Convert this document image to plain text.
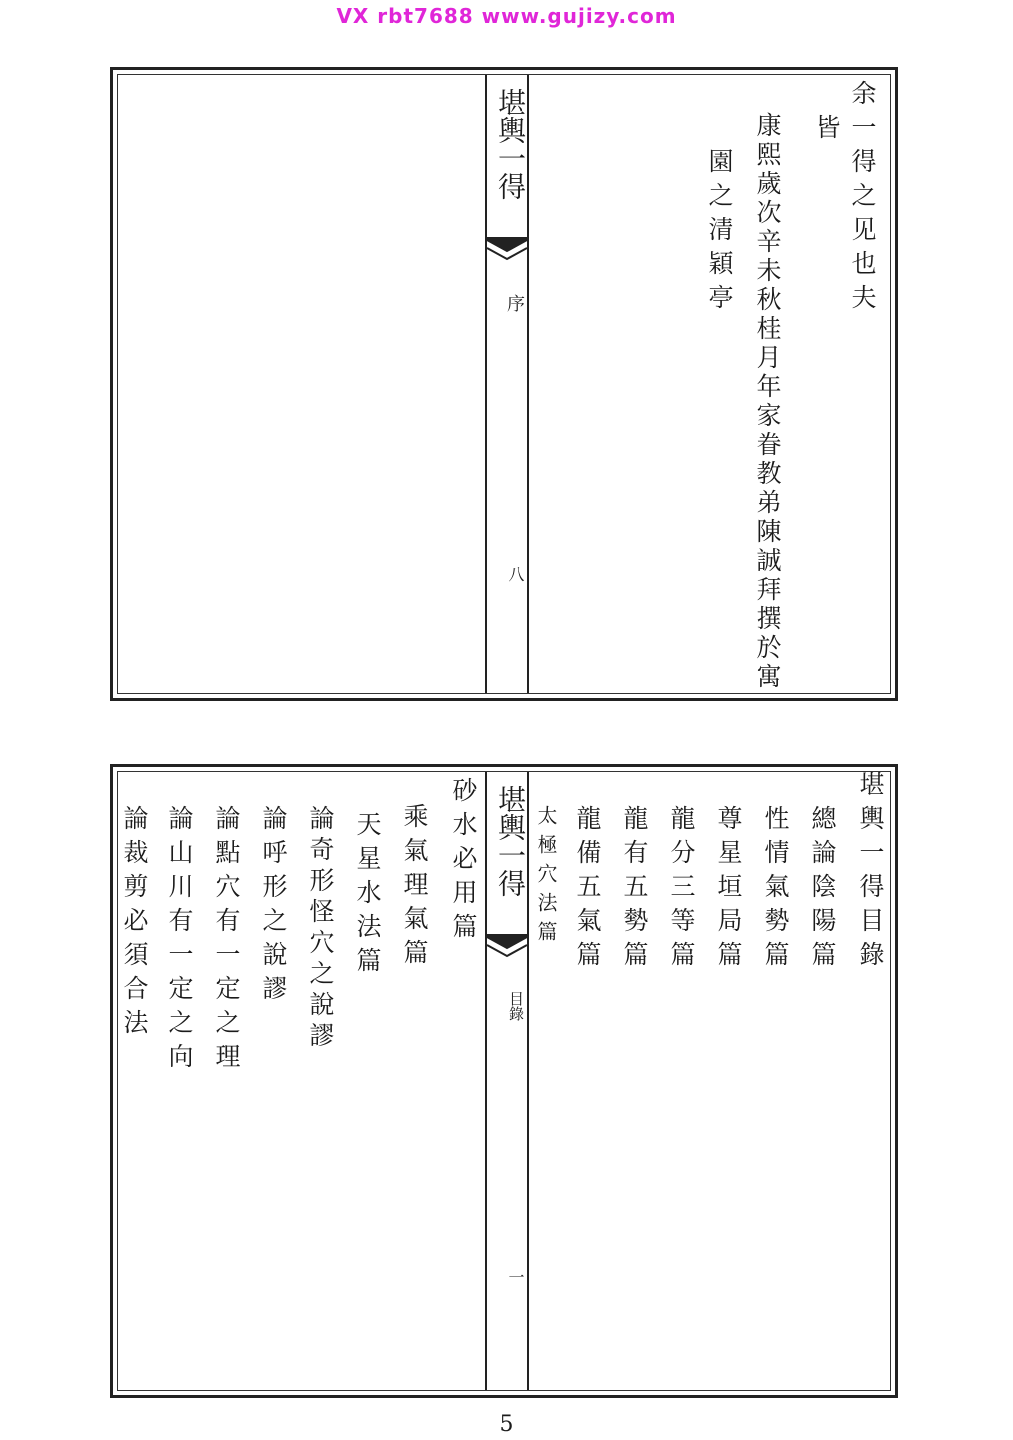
VX rbt7688 www.gujizy.com
堪輿一得
序
八
余一得之见也夫
皆
康熙歲次辛未秋桂月年家眷教弟陳誠拜撰於寓
園之清穎亭
堪輿一得
目錄
一
堪輿一得目錄
總論陰陽篇
性情氣勢篇
尊星垣局篇
龍分三等篇
龍有五勢篇
龍備五氣篇
太極穴法篇
砂水必用篇
乘氣理氣篇
天星水法篇
論奇形怪穴之說謬
論呼形之說謬
論點穴有一定之理
論山川有一定之向
論裁剪必須合法
5
